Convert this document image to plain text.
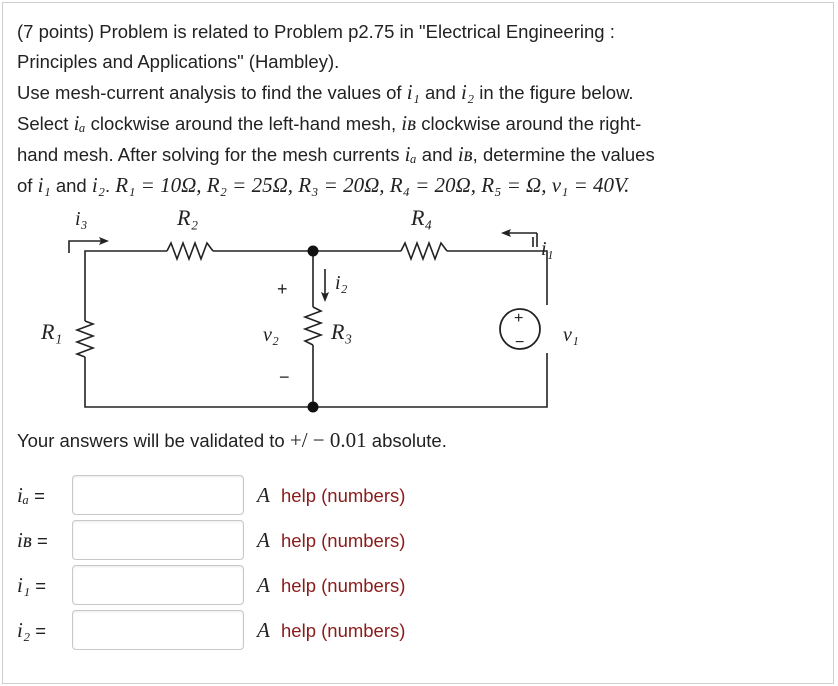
(7 points) Problem is related to Problem p2.75 in "Electrical Engineering :
Principles and Applications" (Hambley).
Use mesh-current analysis to find the values of i₁ and i₂ in the figure below.
Select iₐ clockwise around the left-hand mesh, iʙ clockwise around the right-
hand mesh. After solving for the mesh currents iₐ and iʙ, determine the values
of i₁ and i₂. R₁ = 10Ω, R₂ = 25Ω, R₃ = 20Ω, R₄ = 20Ω, R₅ = Ω, v₁ = 40V.
i₃	R₂	R₄
i₁
i₂
R₁	v₂ R₃	v₁
+
−
+
−
Your answers will be validated to +/ − 0.01 absolute.
iₐ =	A help (numbers)
iʙ =	A help (numbers)
i₁ =	A help (numbers)
i₂ =	A help (numbers)
